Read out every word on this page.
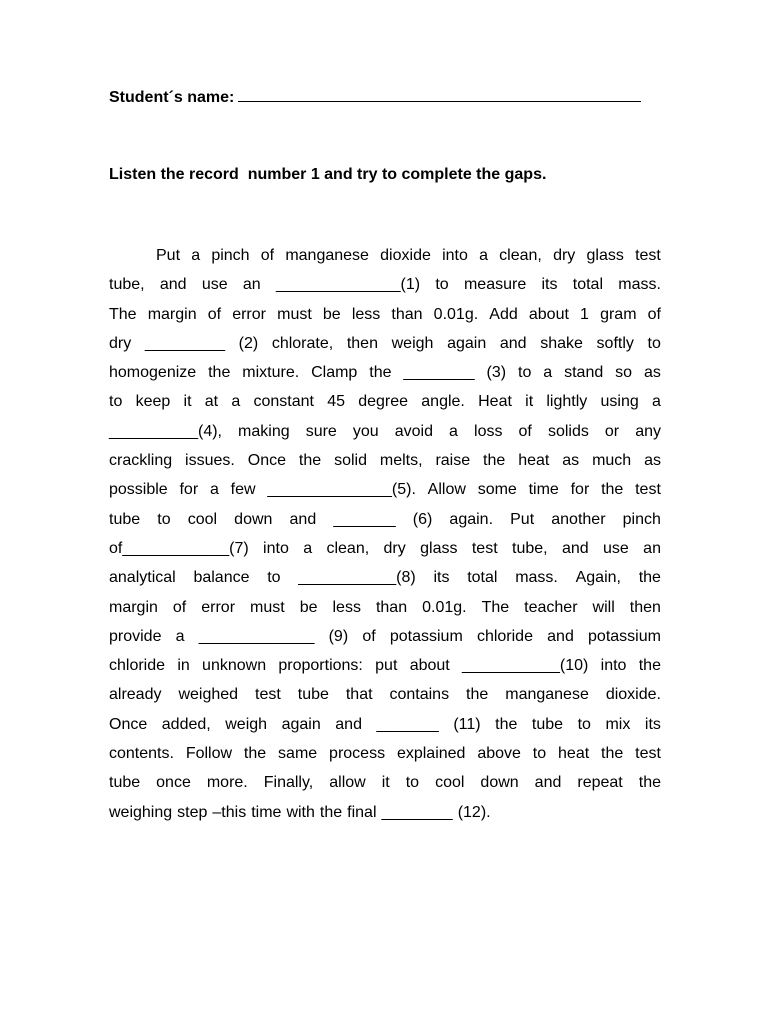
Student´s name:
Listen the record  number 1 and try to complete the gaps.
Put a pinch of manganese dioxide into a clean, dry glass test
tube, and use an ______________(1) to measure its total mass.
The margin of error must be less than 0.01g. Add about 1 gram of
dry _________ (2) chlorate, then weigh again and shake softly to
homogenize the mixture. Clamp the ________ (3) to a stand so as
to keep it at a constant 45 degree angle. Heat it lightly using a
__________(4), making sure you avoid a loss of solids or any
crackling issues. Once the solid melts, raise the heat as much as
possible for a few ______________(5). Allow some time for the test
tube to cool down and _______ (6) again. Put another pinch
of____________(7) into a clean, dry glass test tube, and use an
analytical balance to ___________(8) its total mass. Again, the
margin of error must be less than 0.01g. The teacher will then
provide a _____________ (9) of potassium chloride and potassium
chloride in unknown proportions: put about ___________(10) into the
already weighed test tube that contains the manganese dioxide.
Once added, weigh again and _______ (11) the tube to mix its
contents. Follow the same process explained above to heat the test
tube once more. Finally, allow it to cool down and repeat the
weighing step –this time with the final ________ (12).
